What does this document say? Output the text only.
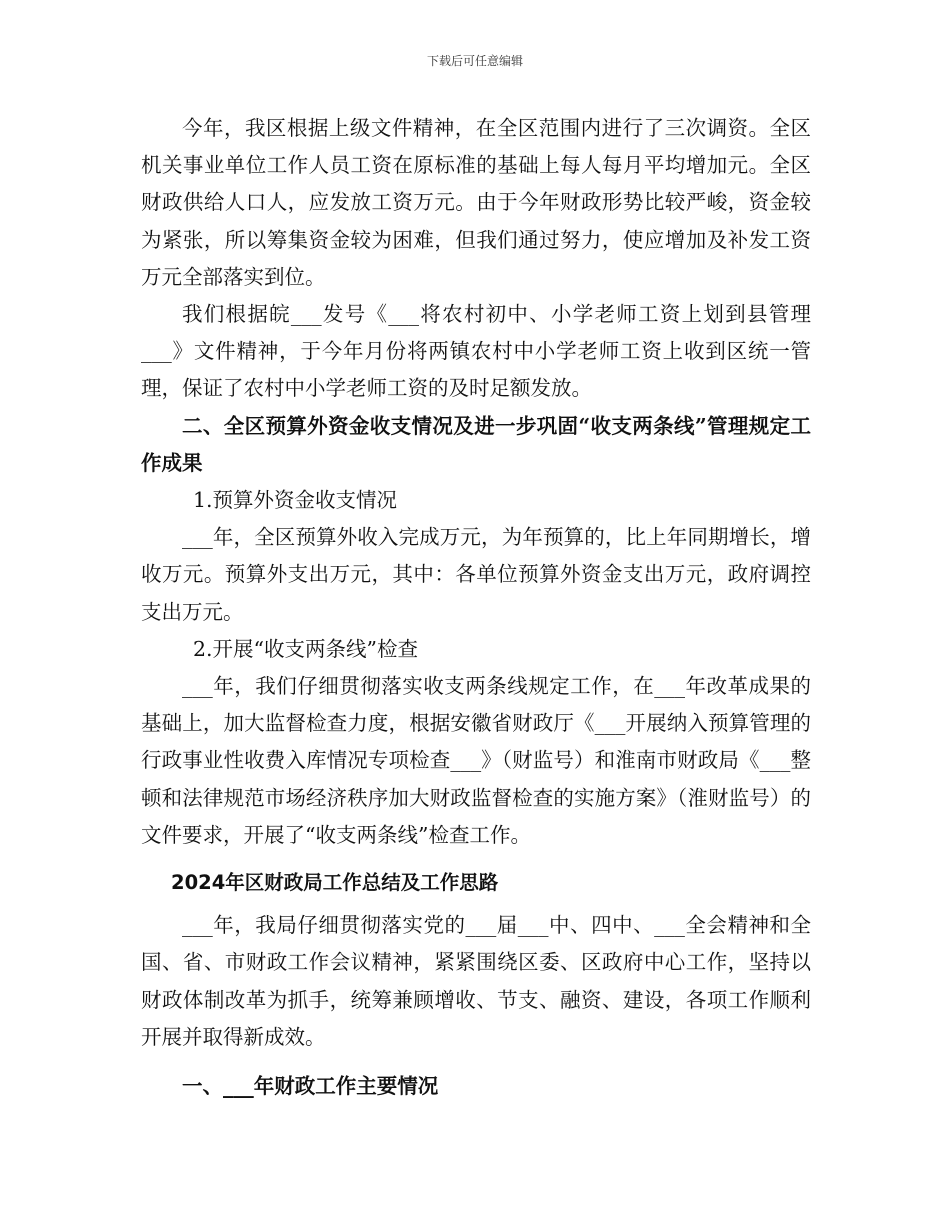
下载后可任意编辑

今年，我区根据上级文件精神，在全区范围内进行了三次调资。全区机关事业单位工作人员工资在原标准的基础上每人每月平均增加元。全区财政供给人口人，应发放工资万元。由于今年财政形势比较严峻，资金较为紧张，所以筹集资金较为困难，但我们通过努力，使应增加及补发工资万元全部落实到位。

我们根据皖___发号《___将农村初中、小学老师工资上划到县管理___》文件精神，于今年月份将两镇农村中小学老师工资上收到区统一管理，保证了农村中小学老师工资的及时足额发放。

二、全区预算外资金收支情况及进一步巩固“收支两条线”管理规定工作成果

1.预算外资金收支情况

___年，全区预算外收入完成万元，为年预算的，比上年同期增长，增收万元。预算外支出万元，其中：各单位预算外资金支出万元，政府调控支出万元。

2.开展“收支两条线”检查

___年，我们仔细贯彻落实收支两条线规定工作，在___年改革成果的基础上，加大监督检查力度，根据安徽省财政厅《___开展纳入预算管理的行政事业性收费入库情况专项检查___》（财监号）和淮南市财政局《___整顿和法律规范市场经济秩序加大财政监督检查的实施方案》（淮财监号）的文件要求，开展了“收支两条线”检查工作。

2024年区财政局工作总结及工作思路

___年，我局仔细贯彻落实党的___届___中、四中、___全会精神和全国、省、市财政工作会议精神，紧紧围绕区委、区政府中心工作，坚持以财政体制改革为抓手，统筹兼顾增收、节支、融资、建设，各项工作顺利开展并取得新成效。

一、___年财政工作主要情况
